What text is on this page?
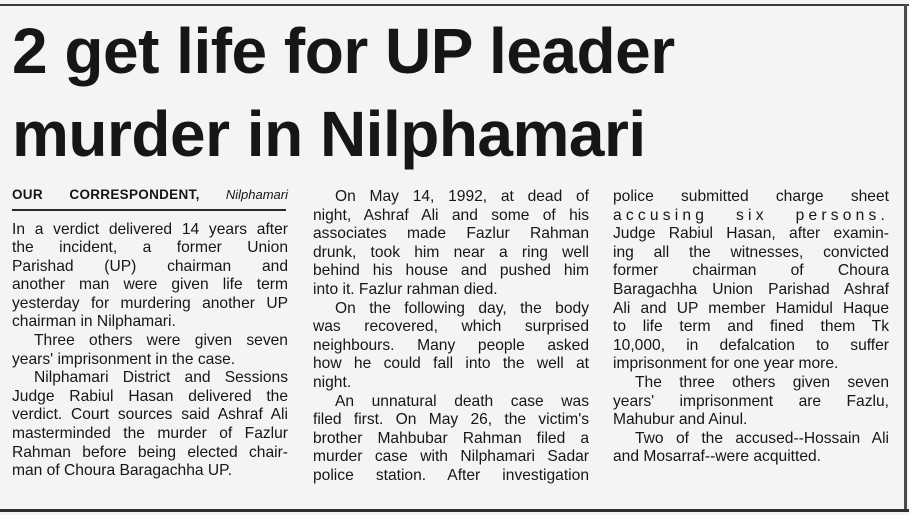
2 get life for UP leader
murder in Nilphamari

OUR CORRESPONDENT, Nilphamari

In a verdict delivered 14 years after

the incident, a former Union

Parishad (UP) chairman and

another man were given life term

yesterday for murdering another UP

chairman in Nilphamari.

Three others were given seven

years' imprisonment in the case.

Nilphamari District and Sessions

Judge Rabiul Hasan delivered the

verdict. Court sources said Ashraf Ali

masterminded the murder of Fazlur

Rahman before being elected chair-

man of Choura Baragachha UP.

On May 14, 1992, at dead of

night, Ashraf Ali and some of his

associates made Fazlur Rahman

drunk, took him near a ring well

behind his house and pushed him

into it. Fazlur rahman died.

On the following day, the body

was recovered, which surprised

neighbours. Many people asked

how he could fall into the well at

night.

An unnatural death case was

filed first. On May 26, the victim's

brother Mahbubar Rahman filed a

murder case with Nilphamari Sadar

police station. After investigation

police submitted charge sheet

accusing six persons.

Judge Rabiul Hasan, after examin-

ing all the witnesses, convicted

former chairman of Choura

Baragachha Union Parishad Ashraf

Ali and UP member Hamidul Haque

to life term and fined them Tk

10,000, in defalcation to suffer

imprisonment for one year more.

The three others given seven

years' imprisonment are Fazlu,

Mahubur and Ainul.

Two of the accused--Hossain Ali

and Mosarraf--were acquitted.
